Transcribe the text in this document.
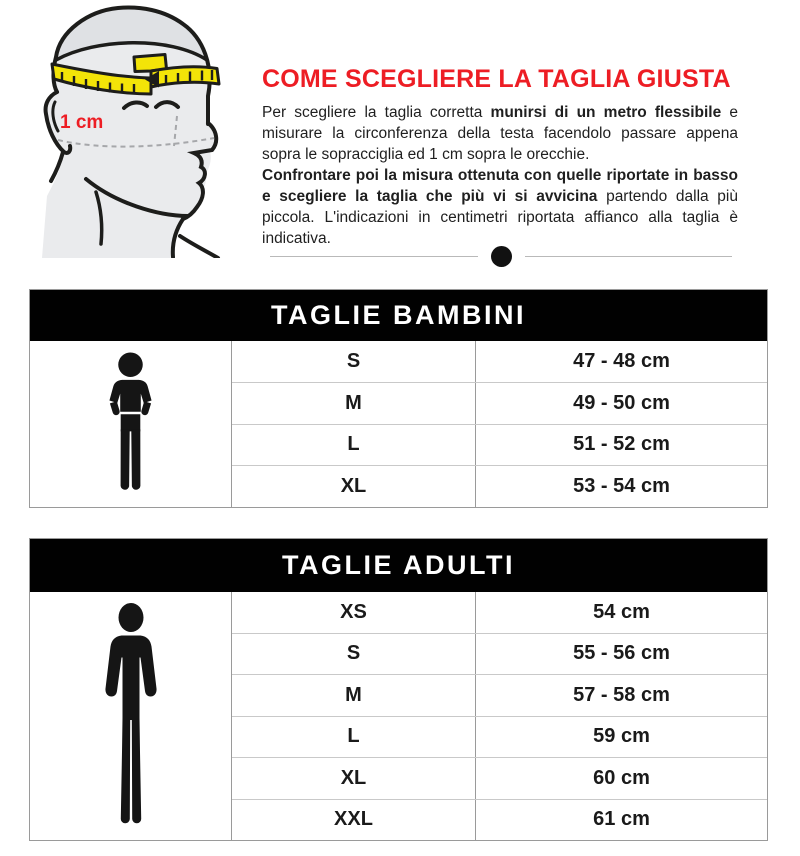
1 cm
COME SCEGLIERE LA TAGLIA GIUSTA

Per scegliere la taglia corretta munirsi di un metro flessibile e misurare la circonferenza della testa facendolo passare appena sopra le sopracciglia ed 1 cm sopra le orecchie.

Confrontare poi la misura ottenuta con quelle riportate in basso e scegliere la taglia che più vi si avvicina partendo dalla più piccola. L'indicazioni in centimetri riportata affianco alla taglia è indicativa.

TAGLIE BAMBINI
S	47 - 48 cm
M	49 - 50 cm
L	51 - 52 cm
XL	53 - 54 cm
TAGLIE ADULTI
XS	54 cm
S	55 - 56 cm
M	57 - 58 cm
L	59 cm
XL	60 cm
XXL	61 cm
